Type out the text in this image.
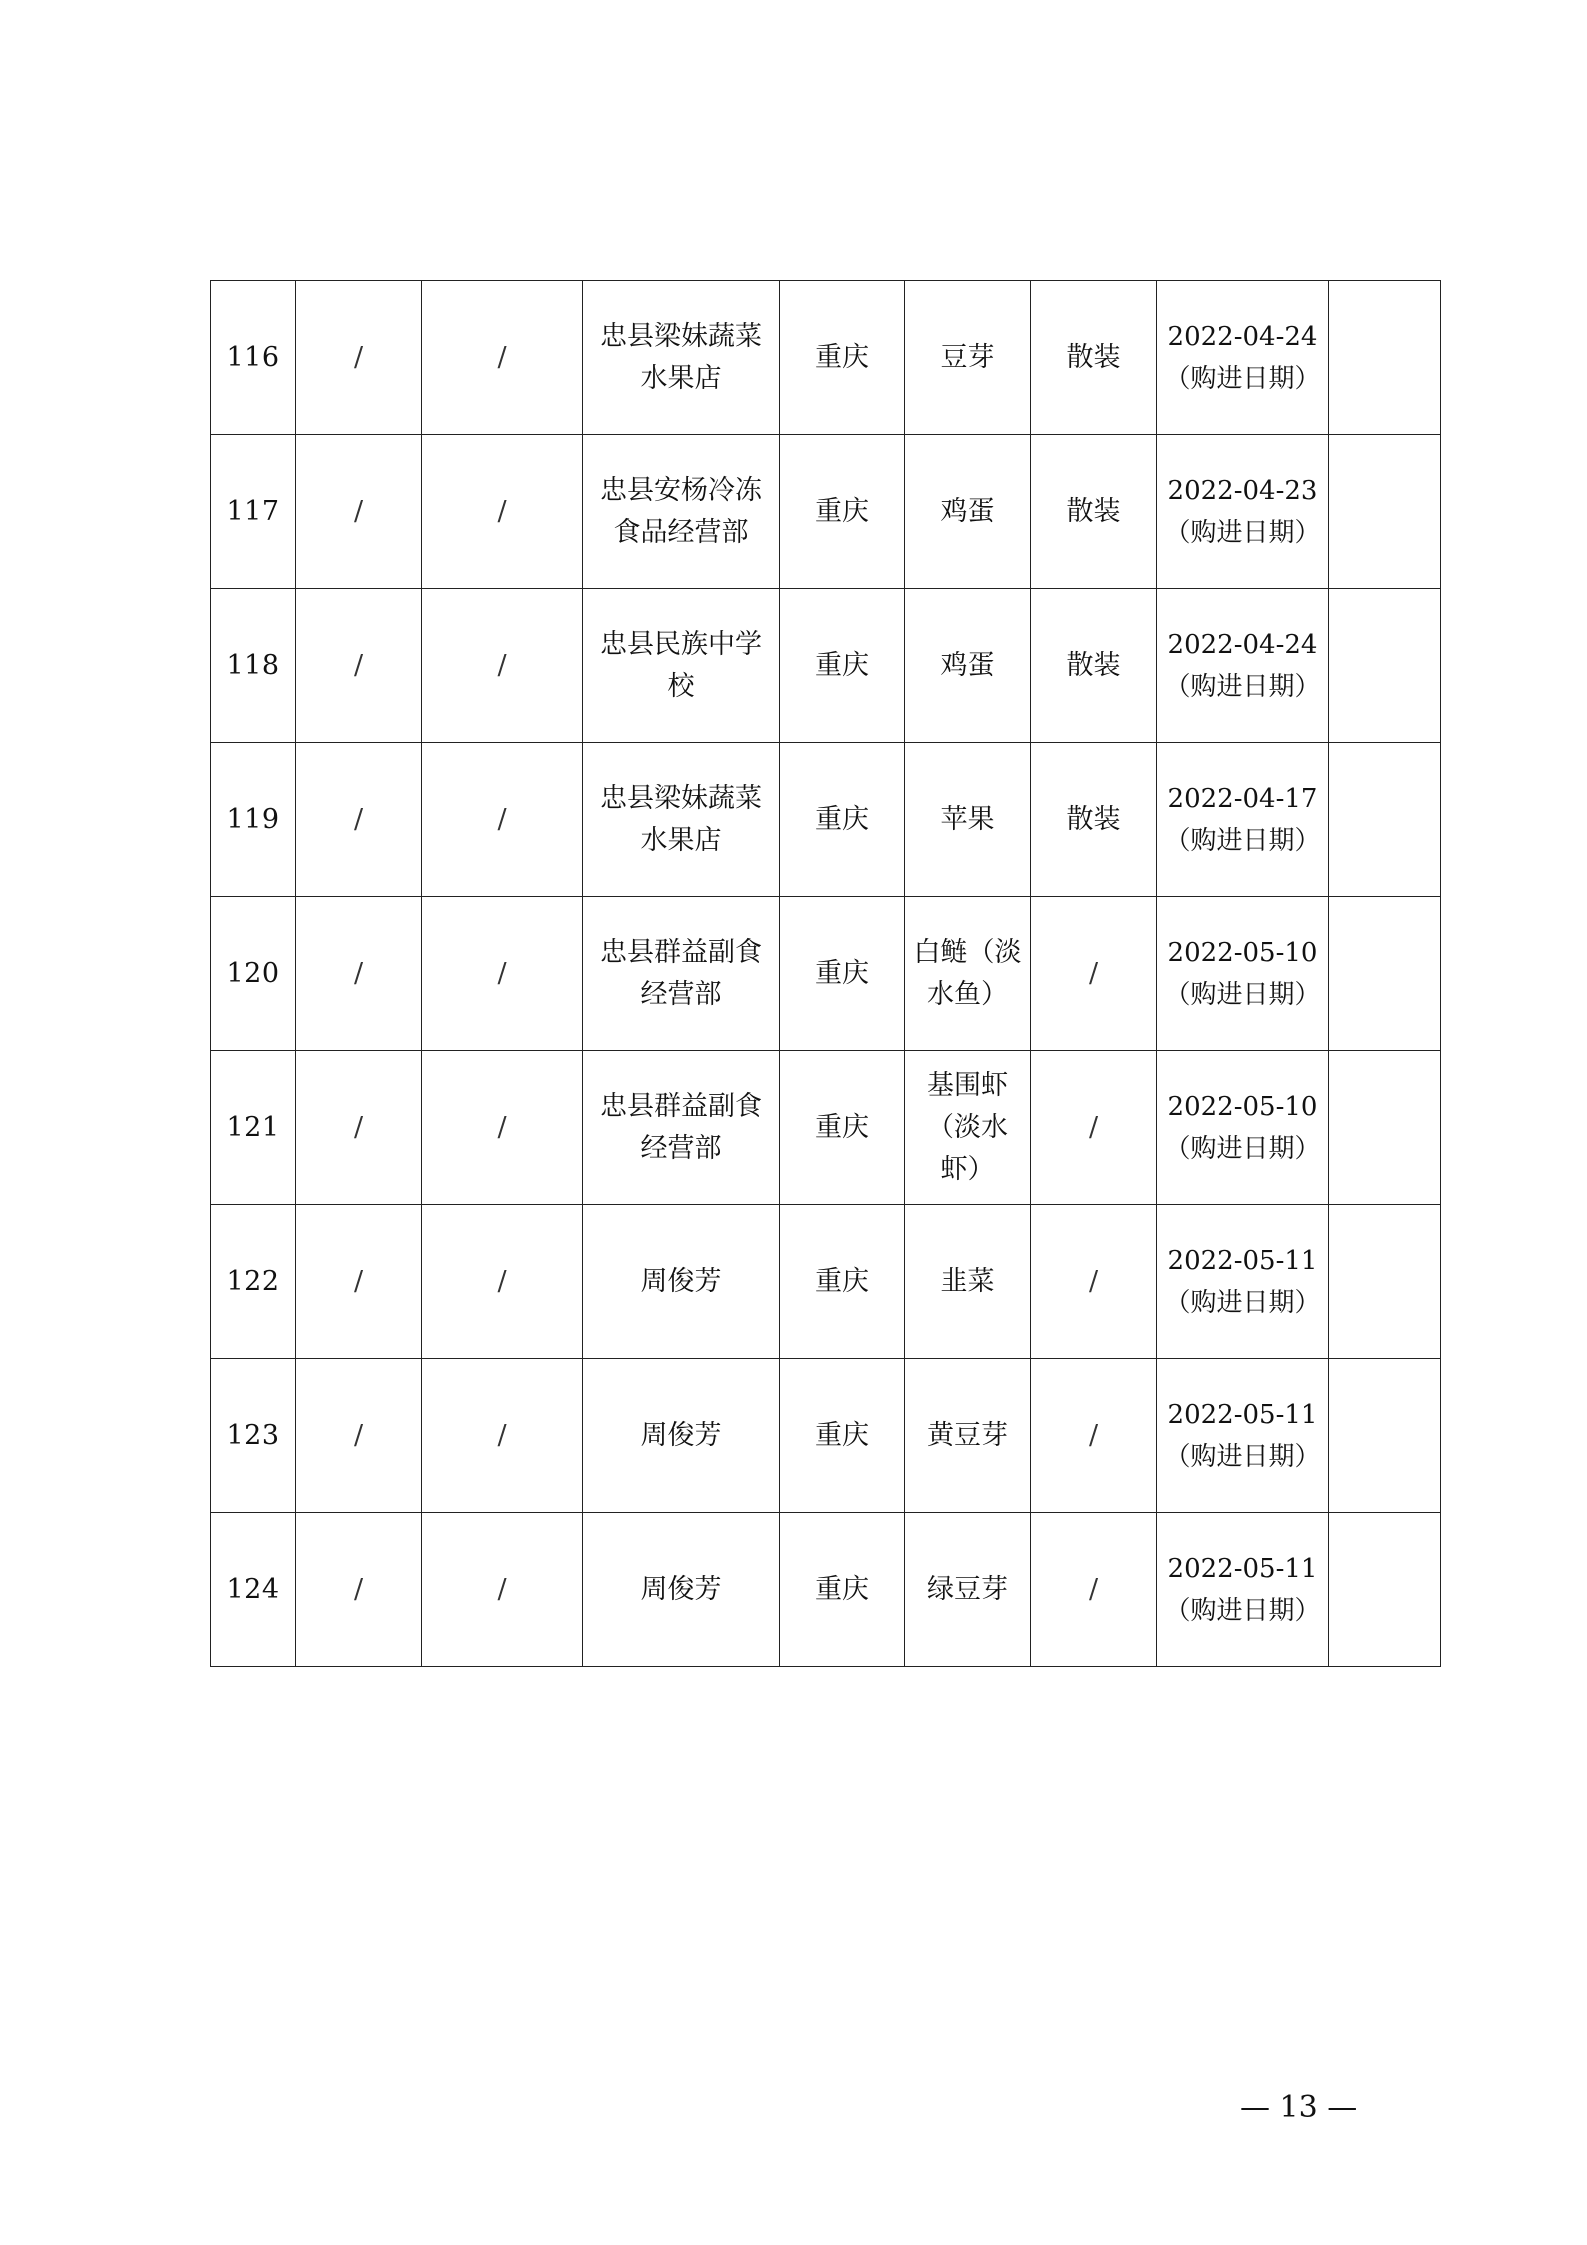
116	/	/	忠县梁妹蔬菜水果店	重庆	豆芽	散装	2022-04-24
（购进日期）	

117	/	/	忠县安杨冷冻食品经营部	重庆	鸡蛋	散装	2022-04-23
（购进日期）	

118	/	/	忠县民族中学校	重庆	鸡蛋	散装	2022-04-24
（购进日期）	

119	/	/	忠县梁妹蔬菜水果店	重庆	苹果	散装	2022-04-17
（购进日期）	

120	/	/	忠县群益副食经营部	重庆	白鲢（淡水鱼）	/	2022-05-10
（购进日期）	

121	/	/	忠县群益副食经营部	重庆	基围虾（淡水虾）	/	2022-05-10
（购进日期）	

122	/	/	周俊芳	重庆	韭菜	/	2022-05-11
（购进日期）	

123	/	/	周俊芳	重庆	黄豆芽	/	2022-05-11
（购进日期）	

124	/	/	周俊芳	重庆	绿豆芽	/	2022-05-11
（购进日期）	

— 13 —
